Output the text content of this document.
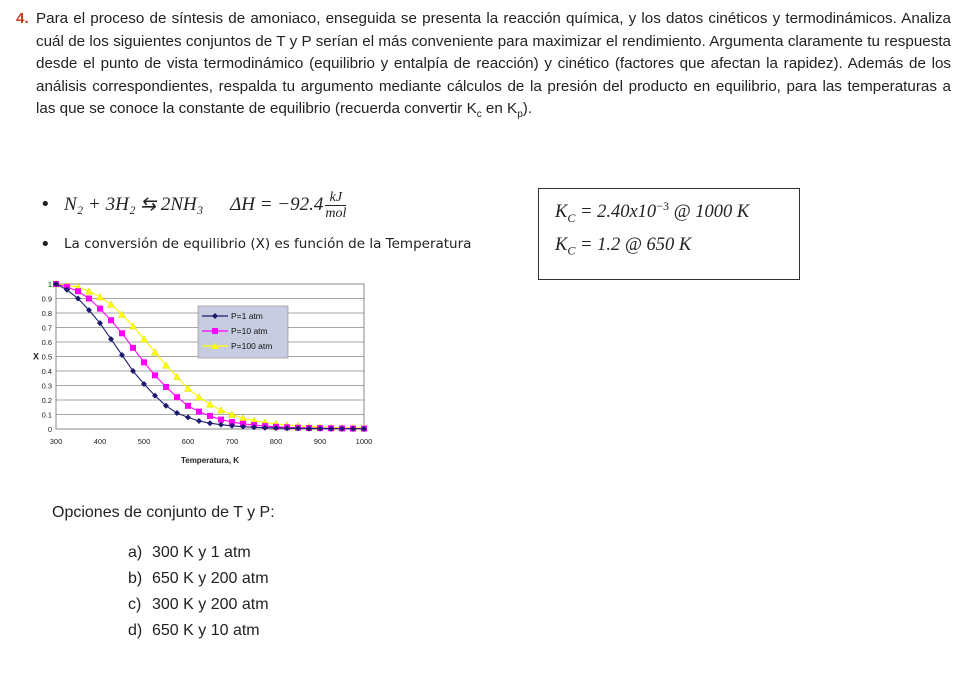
4. Para el proceso de síntesis de amoniaco, enseguida se presenta la reacción química, y los datos cinéticos y termodinámicos. Analiza cuál de los siguientes conjuntos de T y P serían el más conveniente para maximizar el rendimiento. Argumenta claramente tu respuesta desde el punto de vista termodinámico (equilibrio y entalpía de reacción) y cinético (factores que afectan la rapidez). Además de los análisis correspondientes, respalda tu argumento mediante cálculos de la presión del producto en equilibrio, para las temperaturas a las que se conoce la constante de equilibrio (recuerda convertir $K_c$ en $K_p$).
• N₂ + 3H₂ ⇆ 2NH₃ $\Delta H = -92.4 \frac{kJ}{\text{mol}}$	$K_C = 2.40x10^{-3}$ @ 1000 K
$K_C = 1.2$ @ 650 K
• La conversión de equilibrio (X) es función de la Temperatura
0
0.1
0.2
0.3
0.4
0.5
0.6
0.7
0.8
0.9
1
300	400	500	600	700	800	900	1000
Temperatura, K
X
P=1 atm
P=10 atm
P=100 atm
Opciones de conjunto de T y P:
a) 300 K y 1 atm
b) 650 K y 200 atm
c) 300 K y 200 atm
d) 650 K y 10 atm
